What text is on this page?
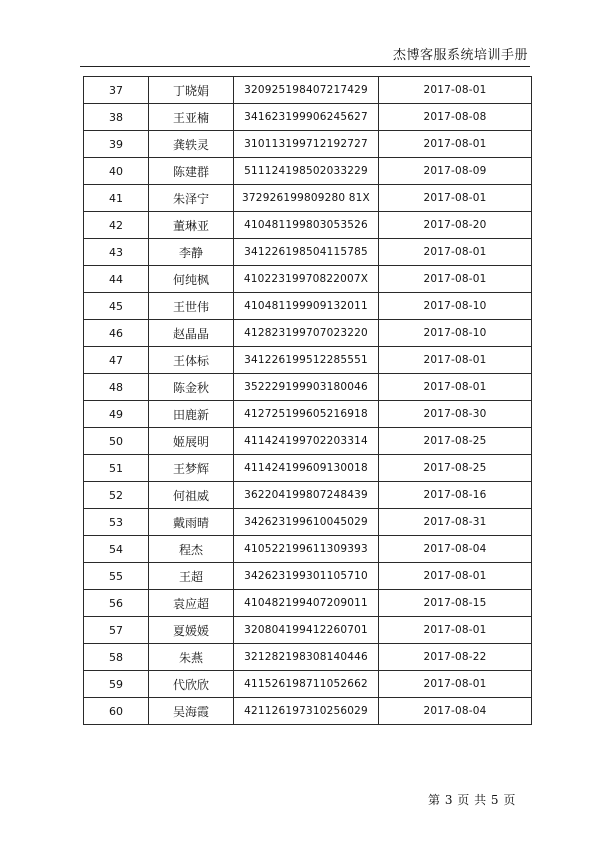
杰博客服系统培训手册
37	丁晓娟	320925198407217429	2017-08-01
38	王亚楠	341623199906245627	2017-08-08
39	龚轶灵	310113199712192727	2017-08-01
40	陈建群	511124198502033229	2017-08-09
41	朱泽宁	372926199809280 81X	2017-08-01
42	董琳亚	410481199803053526	2017-08-20
43	李静	341226198504115785	2017-08-01
44	何纯枫	41022319970822007X	2017-08-01
45	王世伟	410481199909132011	2017-08-10
46	赵晶晶	412823199707023220	2017-08-10
47	王体标	341226199512285551	2017-08-01
48	陈金秋	352229199903180046	2017-08-01
49	田鹿新	412725199605216918	2017-08-30
50	姬展明	411424199702203314	2017-08-25
51	王梦辉	411424199609130018	2017-08-25
52	何祖威	362204199807248439	2017-08-16
53	戴雨晴	342623199610045029	2017-08-31
54	程杰	410522199611309393	2017-08-04
55	王超	342623199301105710	2017-08-01
56	袁应超	410482199407209011	2017-08-15
57	夏媛媛	320804199412260701	2017-08-01
58	朱燕	321282198308140446	2017-08-22
59	代欣欣	411526198711052662	2017-08-01
60	吴海霞	421126197310256029	2017-08-04
第 3 页 共 5 页
